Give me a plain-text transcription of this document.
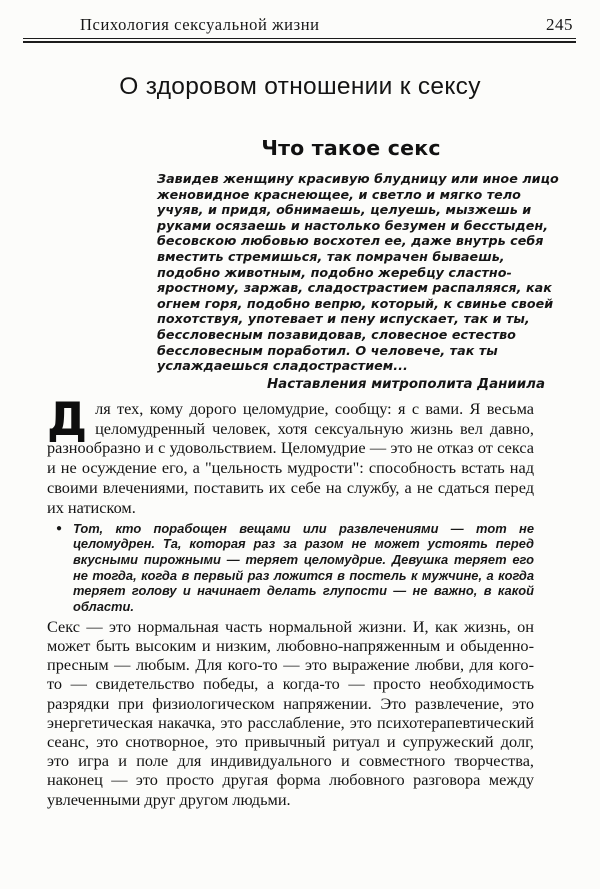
Психология сексуальной жизни	245
О здоровом отношении к сексу
Что такое секс
Завидев женщину красивую блудницу или иное лицо
женовидное краснеющее, и светло и мягко тело
учуяв, и придя, обнимаешь, целуешь, мызжешь и
руками осязаешь и настолько безумен и бесстыден,
бесовскою любовью восхотел ее, даже внутрь себя
вместить стремишься, так помрачен бываешь,
подобно животным, подобно жеребцу сластно-
яростному, заржав, сладострастием распаляяся, как
огнем горя, подобно вепрю, который, к свинье своей
похотствуя, употевает и пену испускает, так и ты,
бессловесным позавидовав, словесное естество
бессловесным поработил. О человече, так ты
услаждаешься сладострастием...
Наставления митрополита Даниила

Для тех, кому дорого целомудрие, сообщу: я с вами. Я весьма целомудренный человек, хотя сексуальную жизнь вел давно, разнообразно и с удовольствием. Целомудрие — это не отказ от секса и не осуждение его, а "цельность мудрости": способность встать над своими влечениями, поставить их себе на службу, а не сдаться перед их натиском.

● Тот, кто порабощен вещами или развлечениями — тот не целомудрен. Та, которая раз за разом не может устоять перед вкусными пирожными — теряет целомудрие. Девушка теряет его не тогда, когда в первый раз ложится в постель к мужчине, а когда теряет голову и начинает делать глупости — не важно, в какой области.

Секс — это нормальная часть нормальной жизни. И, как жизнь, он может быть высоким и низким, любовно-напряженным и обыденно-пресным — любым. Для кого-то — это выражение любви, для кого-то — свидетельство победы, а когда-то — просто необходимость разрядки при физиологическом напряжении. Это развлечение, это энергетическая накачка, это расслабление, это психотерапевтический сеанс, это снотворное, это привычный ритуал и супружеский долг, это игра и поле для индивидуального и совместного творчества, наконец — это просто другая форма любовного разговора между увлеченными друг другом людьми.
